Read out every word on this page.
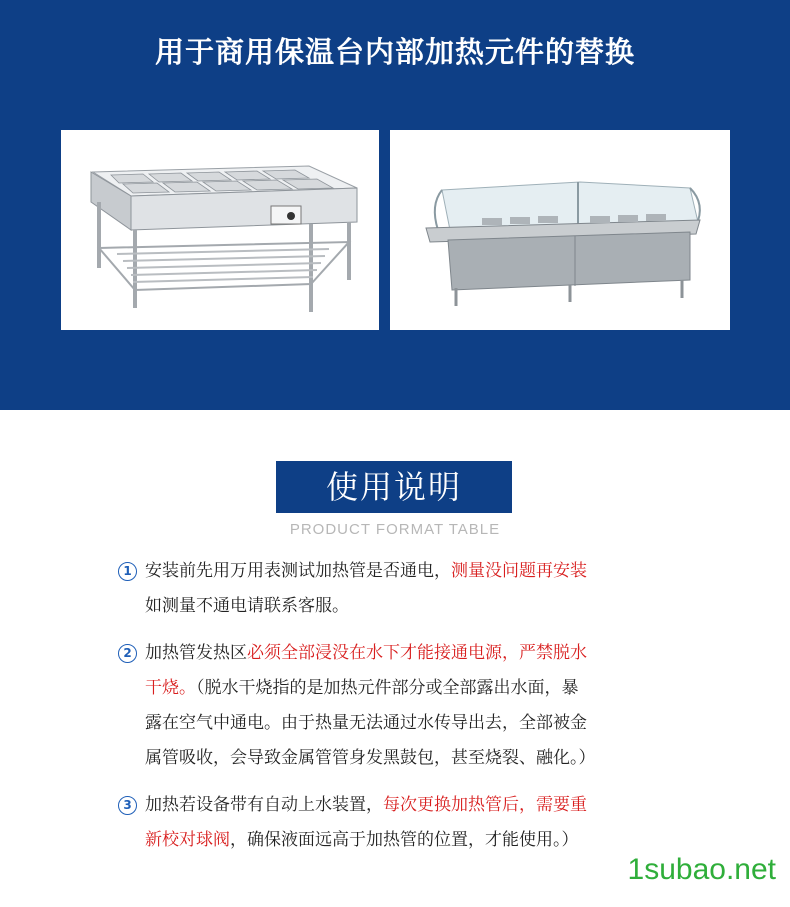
用于商用保温台内部加热元件的替换
使用说明
PRODUCT FORMAT TABLE
1 安装前先用万用表测试加热管是否通电，测量没问题再安装
如测量不通电请联系客服。
2 加热管发热区必须全部浸没在水下才能接通电源，严禁脱水
干烧。（脱水干烧指的是加热元件部分或全部露出水面，暴
露在空气中通电。由于热量无法通过水传导出去，全部被金
属管吸收，会导致金属管管身发黑鼓包，甚至烧裂、融化。）
3 加热若设备带有自动上水装置，每次更换加热管后，需要重
新校对球阀，确保液面远高于加热管的位置，才能使用。）
1subao.net
